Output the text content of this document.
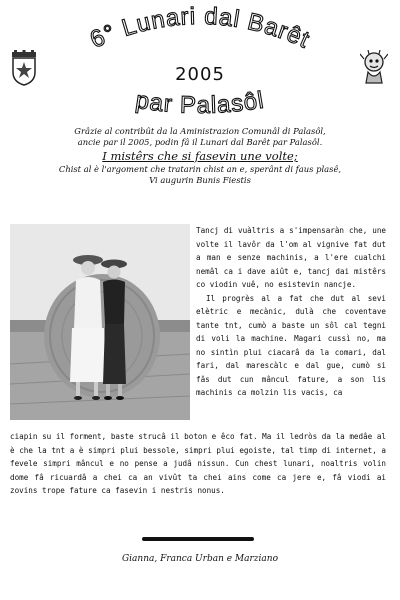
6° Lunari dal Barêt
par Palasôl
2005
Grâzie al contribût da la Aministrazion Comunâl di Palasôl,
ancie par il 2005, podin fâ il Lunari dal Barêt par Palasôl.
I mistêrs che si fasevin une volte;
Chist al è l'argoment che tratarin chist an e, sperânt di faus plasê,
Vi augurin Bunis Fiestis

Tancj di vuàltris a s'impensaràn che, une volte il lavôr da l'om al vignive fat dut a man e senze machinis, a l'ere cualchi nemâl ca i dave aiût e, tancj dai mistêrs co viodin vuê, no esistevin nancje.

Il progrès al a fat che dut al sevi elètric e mecànic, dulà che coventave tante tnt, cumò a baste un sôl cal tegni di voli la machine. Magari cussì no, ma no sintìn plui ciacarâ da la comari, dal fari, dal marescàlc e dal gue, cumò si fâs dut cun mâncul fature, a son lis machinis ca molzin lis vacis, ca

ciapin su il forment, baste strucâ il boton e êco fat. Ma il ledròs da la medâe al è che la tnt a è simpri plui bessole, simpri plui egoiste, tal timp di internet, a fevele simpri mâncul e no pense a judâ nissun. Cun chest lunari, noaltris volin dome fâ ricuardâ a chei ca an vivût ta chei ains come ca jere e, fâ viodi ai zovins trope fature ca fasevin i nestris nonus.

Gianna, Franca Urban e Marziano
